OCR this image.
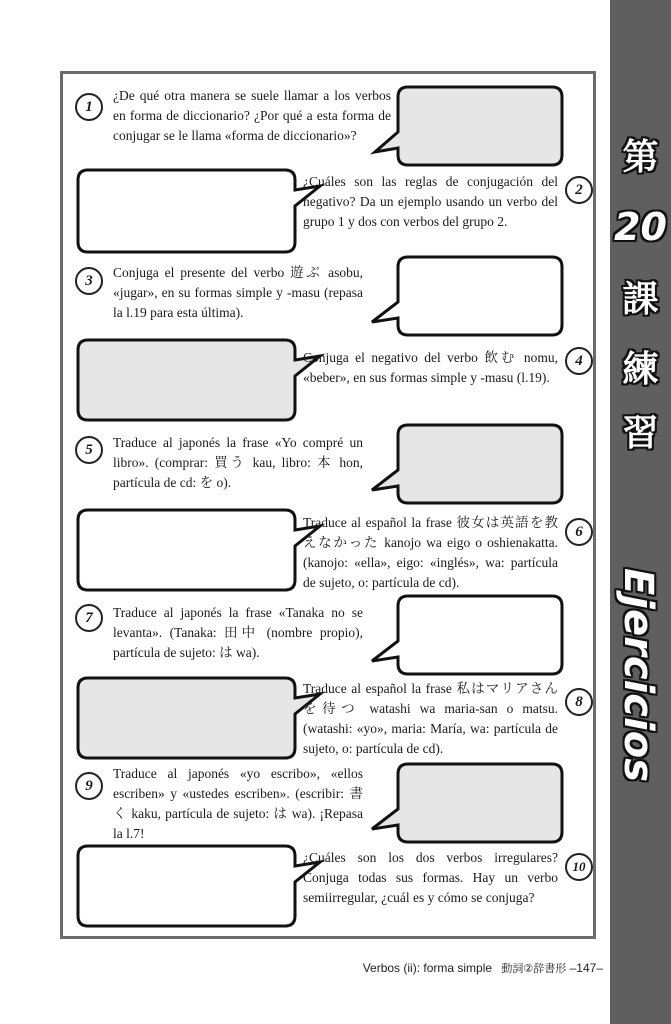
第
20
課
練
習
Ejercicios
1
2
3
4
5
6
7
8
9
10
¿De qué otra manera se suele llamar a los verbos en forma de diccionario? ¿Por qué a esta forma de conjugar se le llama «forma de diccionario»?
¿Cuáles son las reglas de conjugación del negativo? Da un ejemplo usando un verbo del grupo 1 y dos con verbos del grupo 2.
Conjuga el presente del verbo 遊ぶ asobu, «jugar», en su formas simple y -masu (repasa la l.19 para esta última).
Conjuga el negativo del verbo 飲む nomu, «beber», en sus formas simple y -masu (l.19).
Traduce al japonés la frase «Yo compré un libro». (comprar: 買う kau, libro: 本 hon, partícula de cd: を o).
Traduce al español la frase 彼女は英語を教えなかった kanojo wa eigo o oshienakatta. (kanojo: «ella», eigo: «inglés», wa: partícula de sujeto, o: partícula de cd).
Traduce al japonés la frase «Tanaka no se levanta». (Tanaka: 田中 (nombre propio), partícula de sujeto: は wa).
Traduce al español la frase 私はマリアさんを待つ watashi wa maria-san o matsu. (watashi: «yo», maria: María, wa: partícula de sujeto, o: partícula de cd).
Traduce al japonés «yo escribo», «ellos escriben» y «ustedes escriben». (escribir: 書く kaku, partícula de sujeto: は wa). ¡Repasa la l.7!
¿Cuáles son los dos verbos irregulares? Conjuga todas sus formas. Hay un verbo semiirregular, ¿cuál es y cómo se conjuga?
Verbos (ii): forma simple 動詞②辞書形 –147–
